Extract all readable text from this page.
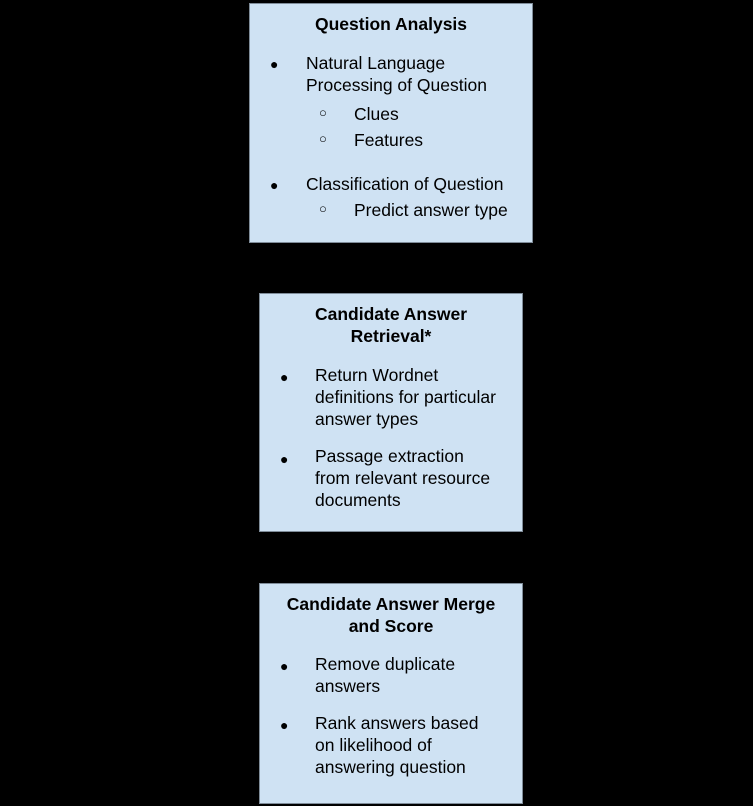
Question Analysis
● Natural Language
Processing of Question
○ Clues
○ Features
● Classification of Question
○ Predict answer type
Candidate Answer
Retrieval*
● Return Wordnet
definitions for particular
answer types
● Passage extraction
from relevant resource
documents
Candidate Answer Merge
and Score
● Remove duplicate
answers
● Rank answers based
on likelihood of
answering question
